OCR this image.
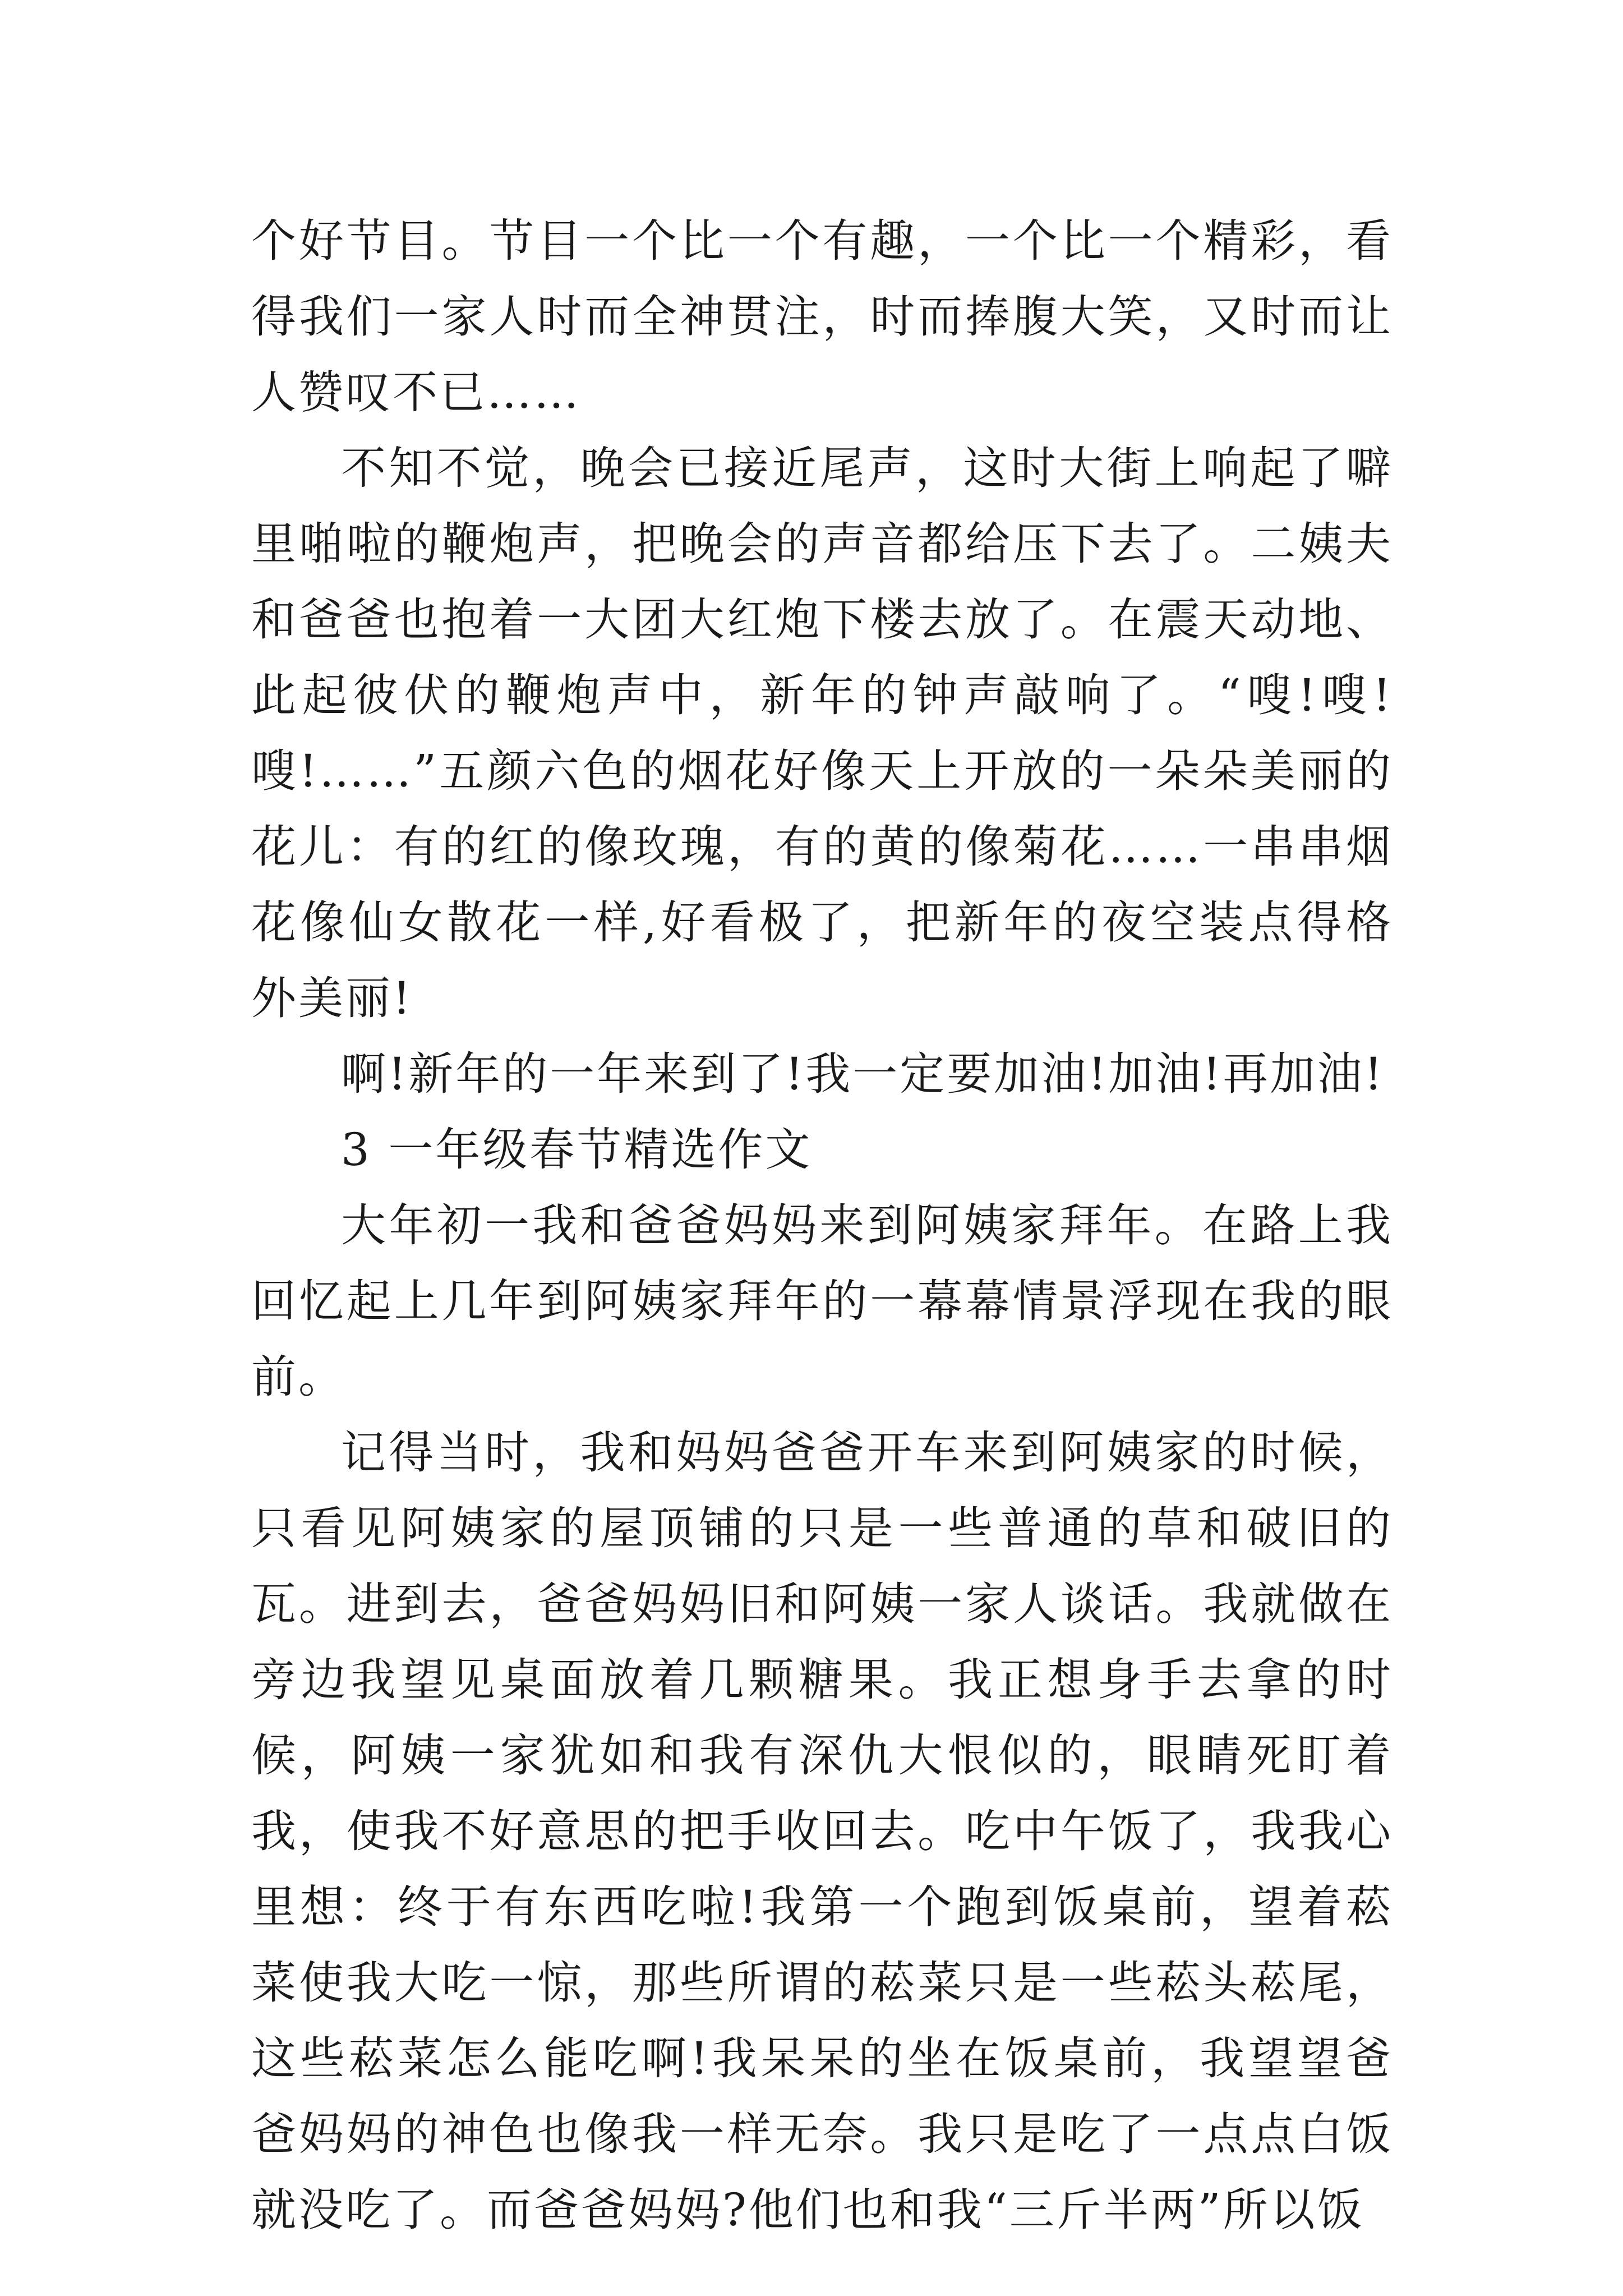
个好节目。节目一个比一个有趣，一个比一个精彩，看得我们一家人时而全神贯注，时而捧腹大笑，又时而让人赞叹不已……

不知不觉，晚会已接近尾声，这时大街上响起了噼里啪啦的鞭炮声，把晚会的声音都给压下去了。二姨夫和爸爸也抱着一大团大红炮下楼去放了。在震天动地、此起彼伏的鞭炮声中，新年的钟声敲响了。“嗖!嗖!嗖!……”五颜六色的烟花好像天上开放的一朵朵美丽的花儿：有的红的像玫瑰，有的黄的像菊花……一串串烟花像仙女散花一样,好看极了，把新年的夜空装点得格外美丽!

啊!新年的一年来到了!我一定要加油!加油!再加油!

3 一年级春节精选作文

大年初一我和爸爸妈妈来到阿姨家拜年。在路上我回忆起上几年到阿姨家拜年的一幕幕情景浮现在我的眼前。

记得当时，我和妈妈爸爸开车来到阿姨家的时候，只看见阿姨家的屋顶铺的只是一些普通的草和破旧的瓦。进到去，爸爸妈妈旧和阿姨一家人谈话。我就做在旁边我望见桌面放着几颗糖果。我正想身手去拿的时候，阿姨一家犹如和我有深仇大恨似的，眼睛死盯着我，使我不好意思的把手收回去。吃中午饭了，我我心里想：终于有东西吃啦!我第一个跑到饭桌前，望着菘菜使我大吃一惊，那些所谓的菘菜只是一些菘头菘尾，这些菘菜怎么能吃啊!我呆呆的坐在饭桌前，我望望爸爸妈妈的神色也像我一样无奈。我只是吃了一点点白饭就没吃了。而爸爸妈妈?他们也和我“三斤半两”所以饭
